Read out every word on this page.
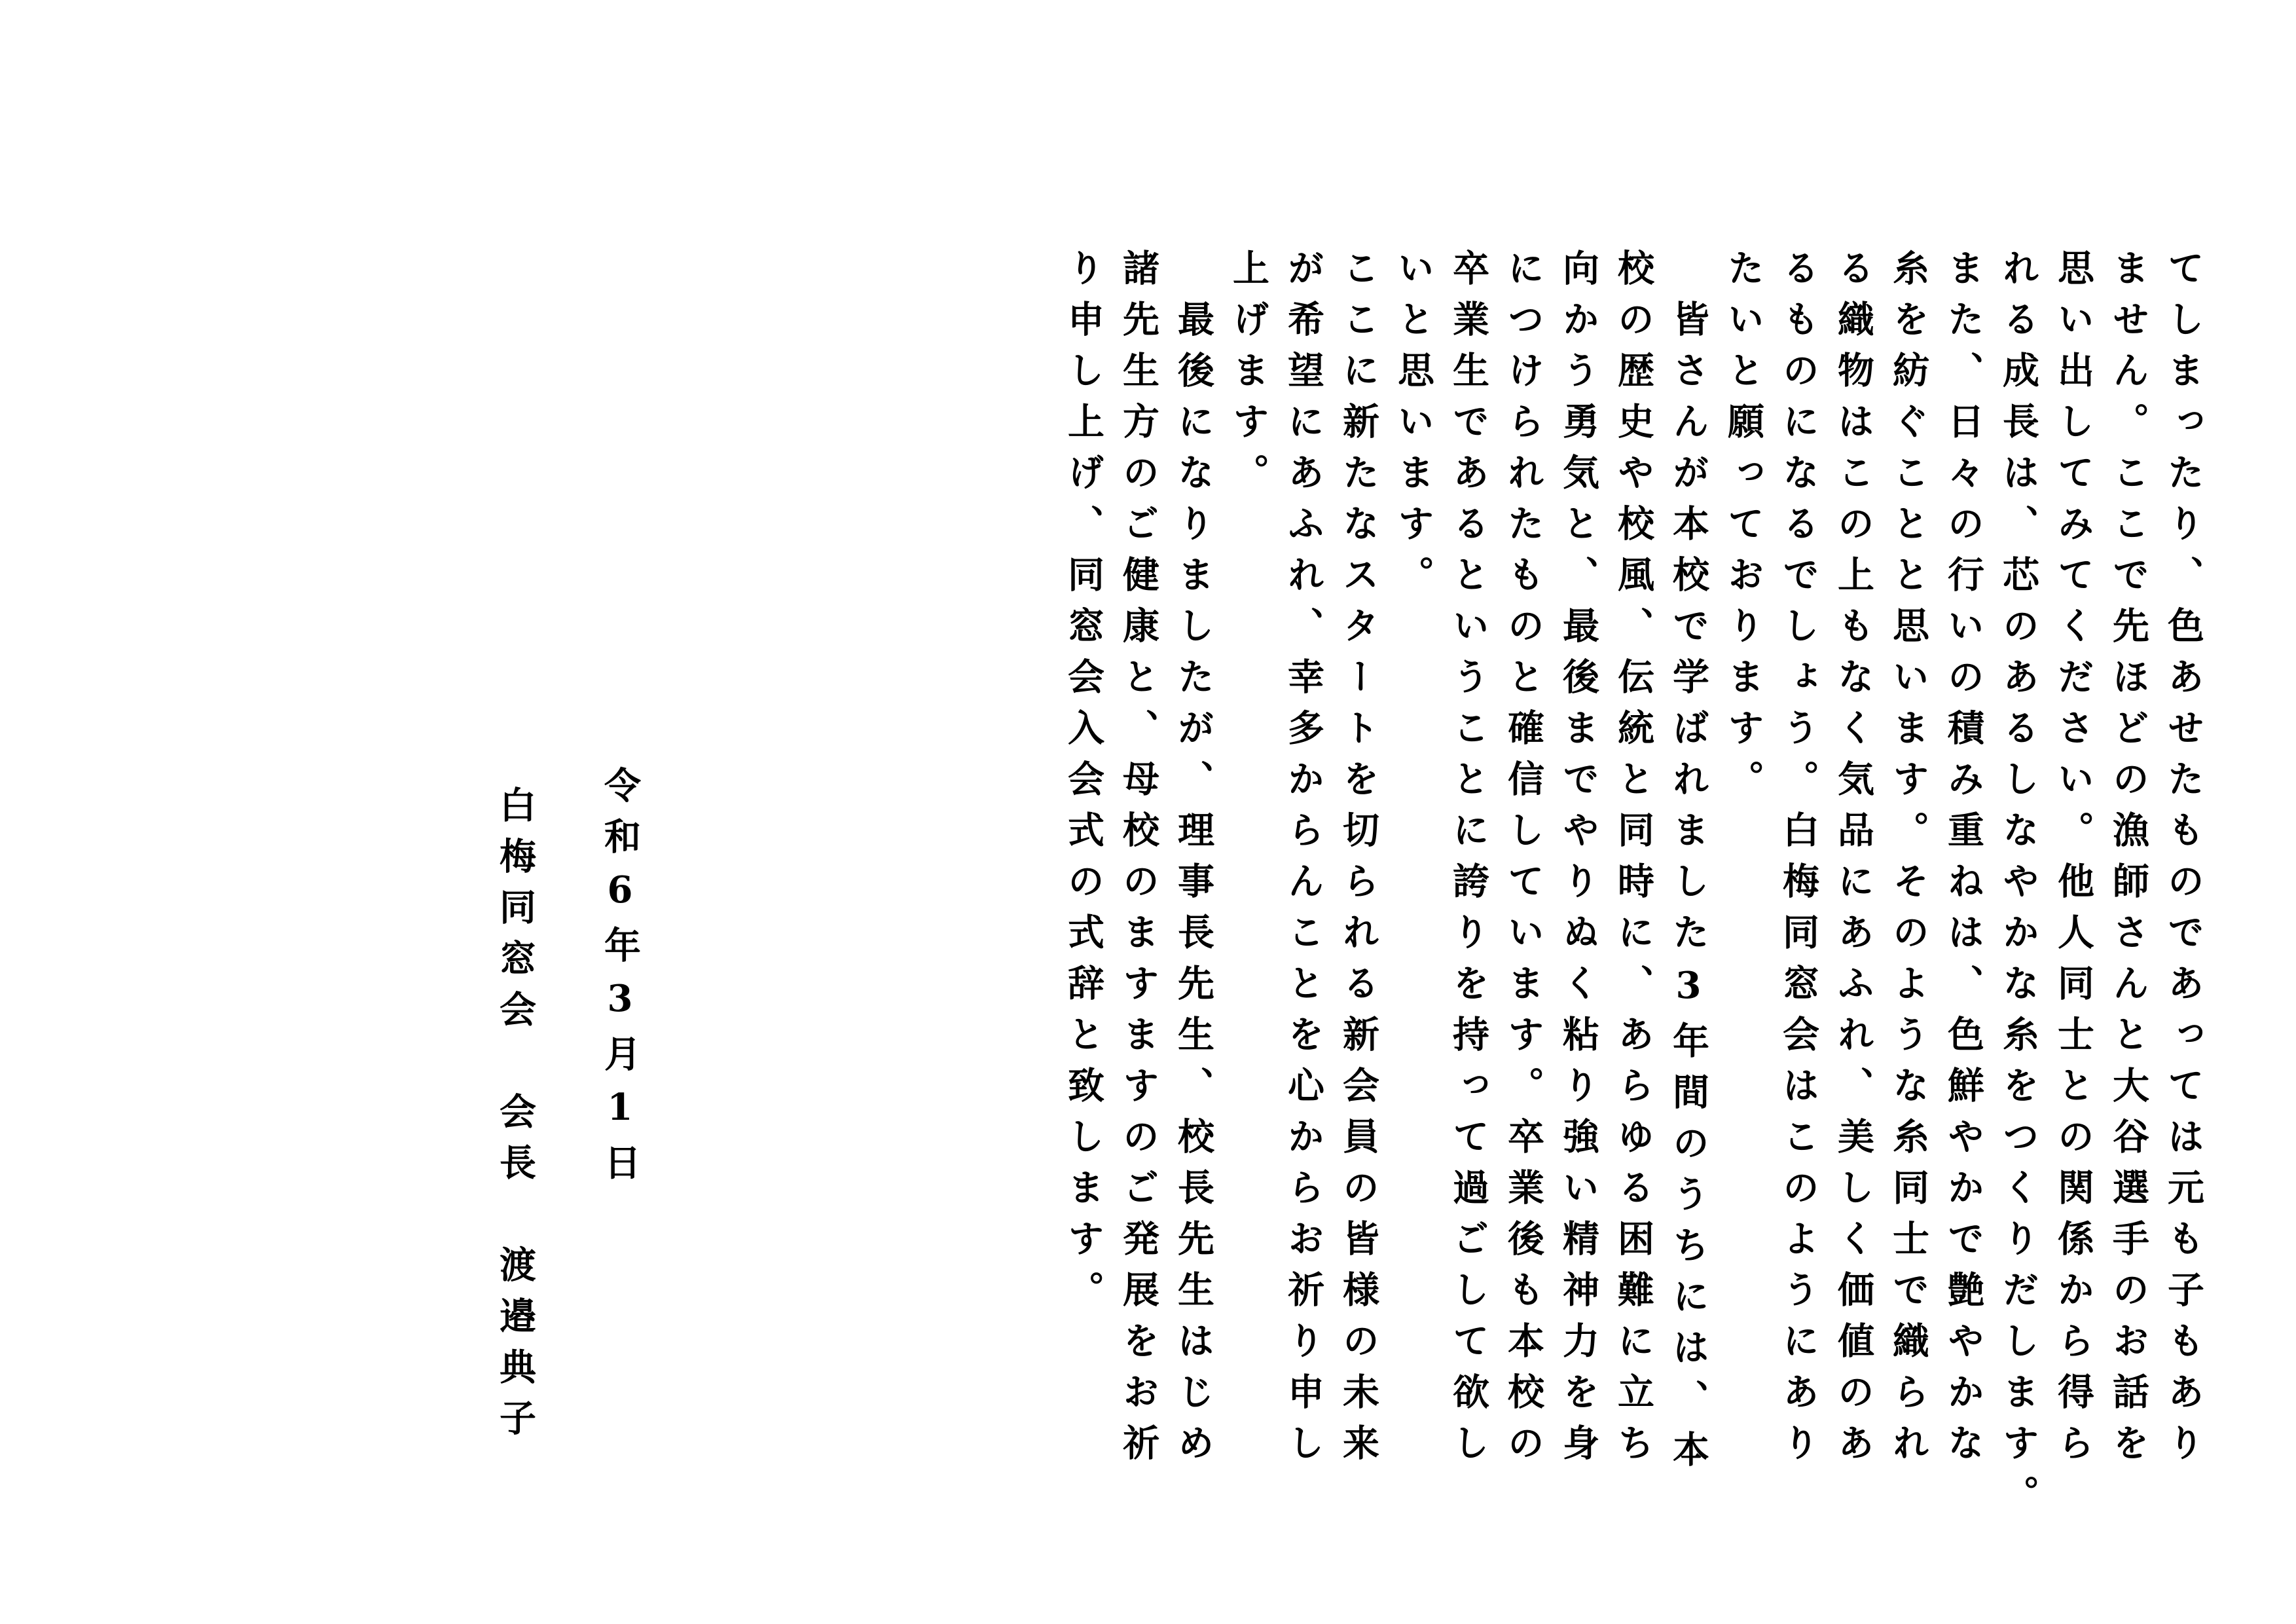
てしまったり、色あせたものであっては元も子もあり
ません。ここで先ほどの漁師さんと大谷選手のお話を
思い出してみてください。他人同士との関係から得ら
れる成長は、芯のあるしなやかな糸をつくりだします。
また、日々の行いの積み重ねは、色鮮やかで艶やかな
糸を紡ぐことと思います。そのような糸同士で織られ
る織物はこの上もなく気品にあふれ、美しく価値のあ
るものになるでしょう。白梅同窓会はこのようにあり
たいと願っております。
　皆さんが本校で学ばれました3年間のうちには、本
校の歴史や校風、伝統と同時に、あらゆる困難に立ち
向かう勇気と、最後までやりぬく粘り強い精神力を身
につけられたものと確信しています。卒業後も本校の
卒業生であるということに誇りを持って過ごして欲し
いと思います。
ここに新たなスタートを切られる新会員の皆様の未来
が希望にあふれ、幸多からんことを心からお祈り申し
上げます。
　最後になりましたが、理事長先生、校長先生はじめ
諸先生方のご健康と、母校のますますのご発展をお祈
り申し上げ、同窓会入会式の式辞と致します。
令和6年3月1日
白梅同窓会　会長　渡邉典子
